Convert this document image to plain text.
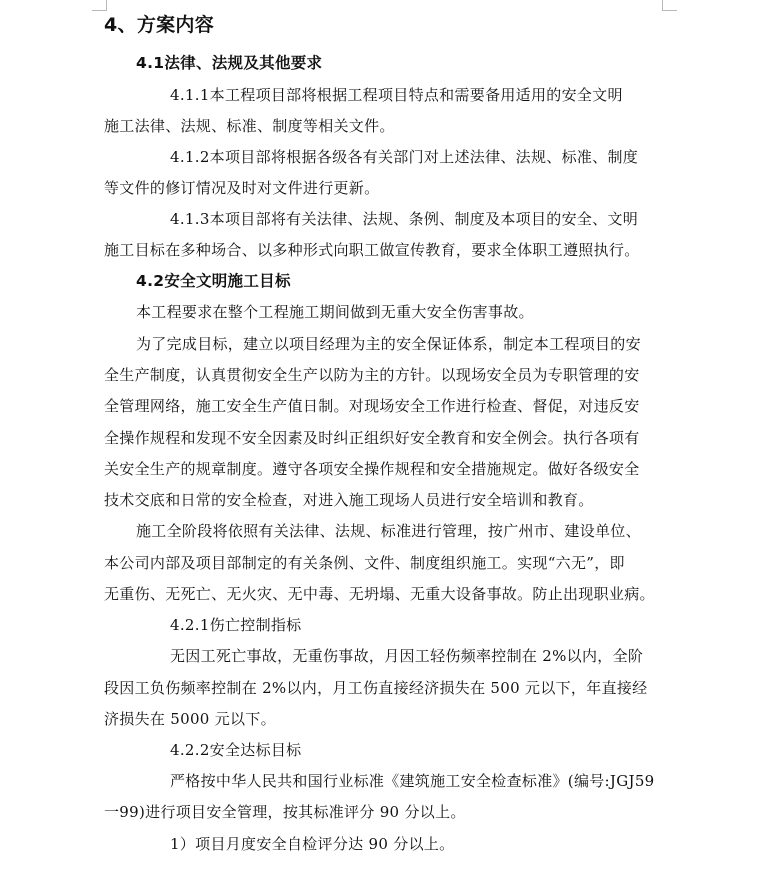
4、方案内容

4.1法律、法规及其他要求

4.1.1本工程项目部将根据工程项目特点和需要备用适用的安全文明

施工法律、法规、标准、制度等相关文件。

4.1.2本项目部将根据各级各有关部门对上述法律、法规、标准、制度

等文件的修订情况及时对文件进行更新。

4.1.3本项目部将有关法律、法规、条例、制度及本项目的安全、文明

施工目标在多种场合、以多种形式向职工做宣传教育，要求全体职工遵照执行。

4.2安全文明施工目标

本工程要求在整个工程施工期间做到无重大安全伤害事故。

为了完成目标，建立以项目经理为主的安全保证体系，制定本工程项目的安

全生产制度，认真贯彻安全生产以防为主的方针。以现场安全员为专职管理的安

全管理网络，施工安全生产值日制。对现场安全工作进行检查、督促，对违反安

全操作规程和发现不安全因素及时纠正组织好安全教育和安全例会。执行各项有

关安全生产的规章制度。遵守各项安全操作规程和安全措施规定。做好各级安全

技术交底和日常的安全检查，对进入施工现场人员进行安全培训和教育。

施工全阶段将依照有关法律、法规、标准进行管理，按广州市、建设单位、

本公司内部及项目部制定的有关条例、文件、制度组织施工。实现“六无”，即

无重伤、无死亡、无火灾、无中毒、无坍塌、无重大设备事故。防止出现职业病。

4.2.1伤亡控制指标

无因工死亡事故，无重伤事故，月因工轻伤频率控制在 2%以内，全阶

段因工负伤频率控制在 2%以内，月工伤直接经济损失在 500 元以下，年直接经

济损失在 5000 元以下。

4.2.2安全达标目标

严格按中华人民共和国行业标准《建筑施工安全检查标准》(编号:JGJ59

一99)进行项目安全管理，按其标准评分 90 分以上。

1）项目月度安全自检评分达 90 分以上。
